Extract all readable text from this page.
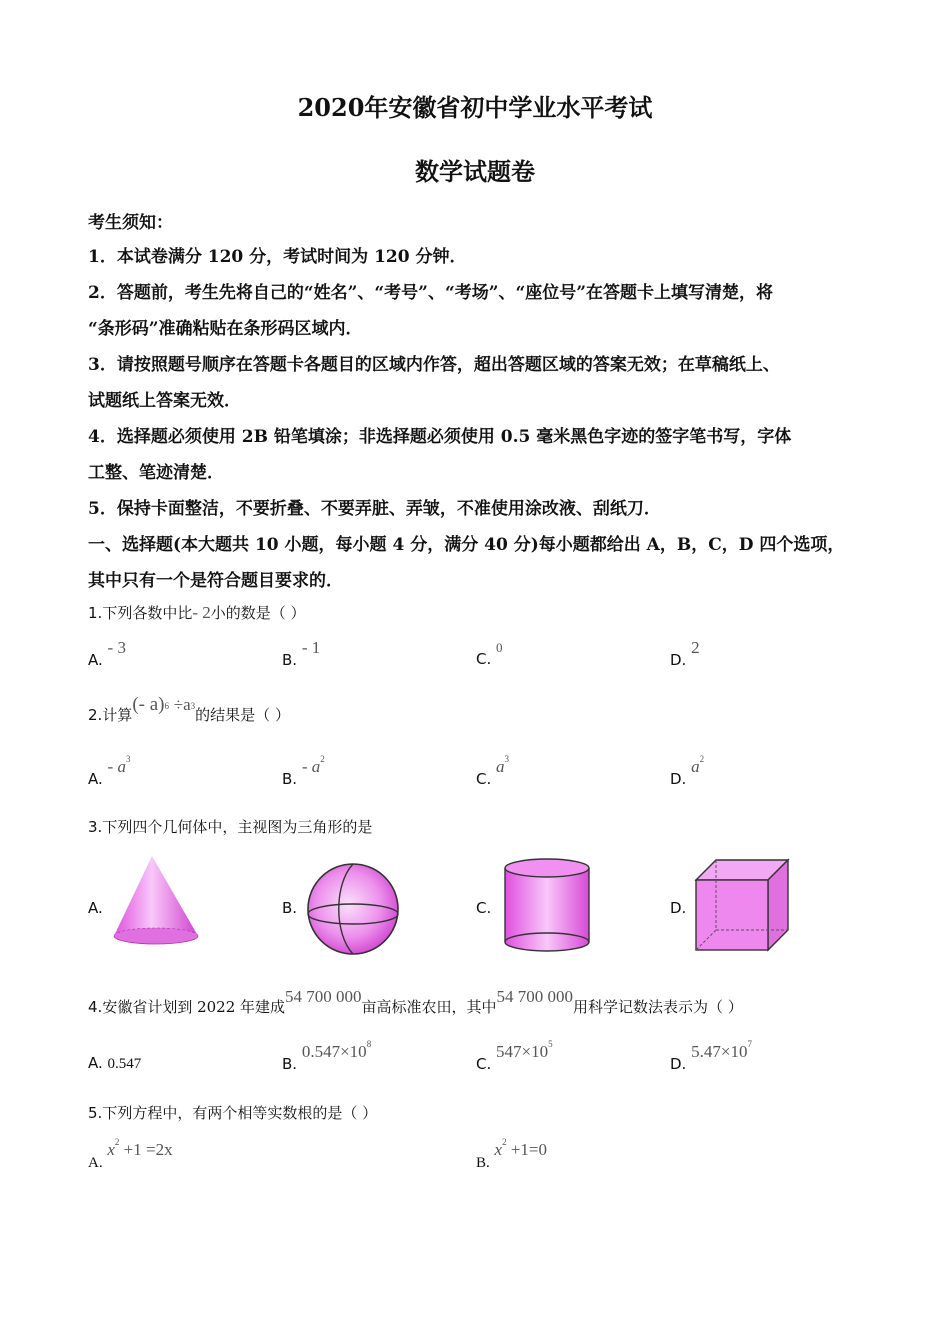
2020年安徽省初中学业水平考试
数学试题卷
考生须知：
1．本试卷满分 120 分，考试时间为 120 分钟．
2．答题前，考生先将自己的“姓名”、“考号”、“考场”、“座位号”在答题卡上填写清楚，将
“条形码”准确粘贴在条形码区域内．
3．请按照题号顺序在答题卡各题目的区域内作答，超出答题区域的答案无效；在草稿纸上、
试题纸上答案无效．
4．选择题必须使用 2B 铅笔填涂；非选择题必须使用 0.5 毫米黑色字迹的签字笔书写，字体
工整、笔迹清楚．
5．保持卡面整洁，不要折叠、不要弄脏、弄皱，不准使用涂改液、刮纸刀．
一、选择题(本大题共 10 小题，每小题 4 分，满分 40 分)每小题都给出 A，B，C，D 四个选项，
其中只有一个是符合题目要求的．
1.下列各数中比- 2小的数是（ ）
A. - 3
B. - 1
C. 0
D. 2
2.计算(- $a)^6 \div a^3$的结果是（ ）
A. - $a^3$
B. - $a^2$
C. $a^3$
D. $a^2$
3.下列四个几何体中，主视图为三角形的是
A.	B.	C.	D.
4.安徽省计划到 2022 年建成54 700 000亩高标准农田，其中54 700 000用科学记数法表示为（ ）
A. 0.547	B. $0.547\times 10^8$
C. $547\times 10^5$
D. $5.47\times 10^7$
5.下列方程中，有两个相等实数根的是（ ）
A. $x^2 +1 =2x$
B. $x^2 +1=0$
